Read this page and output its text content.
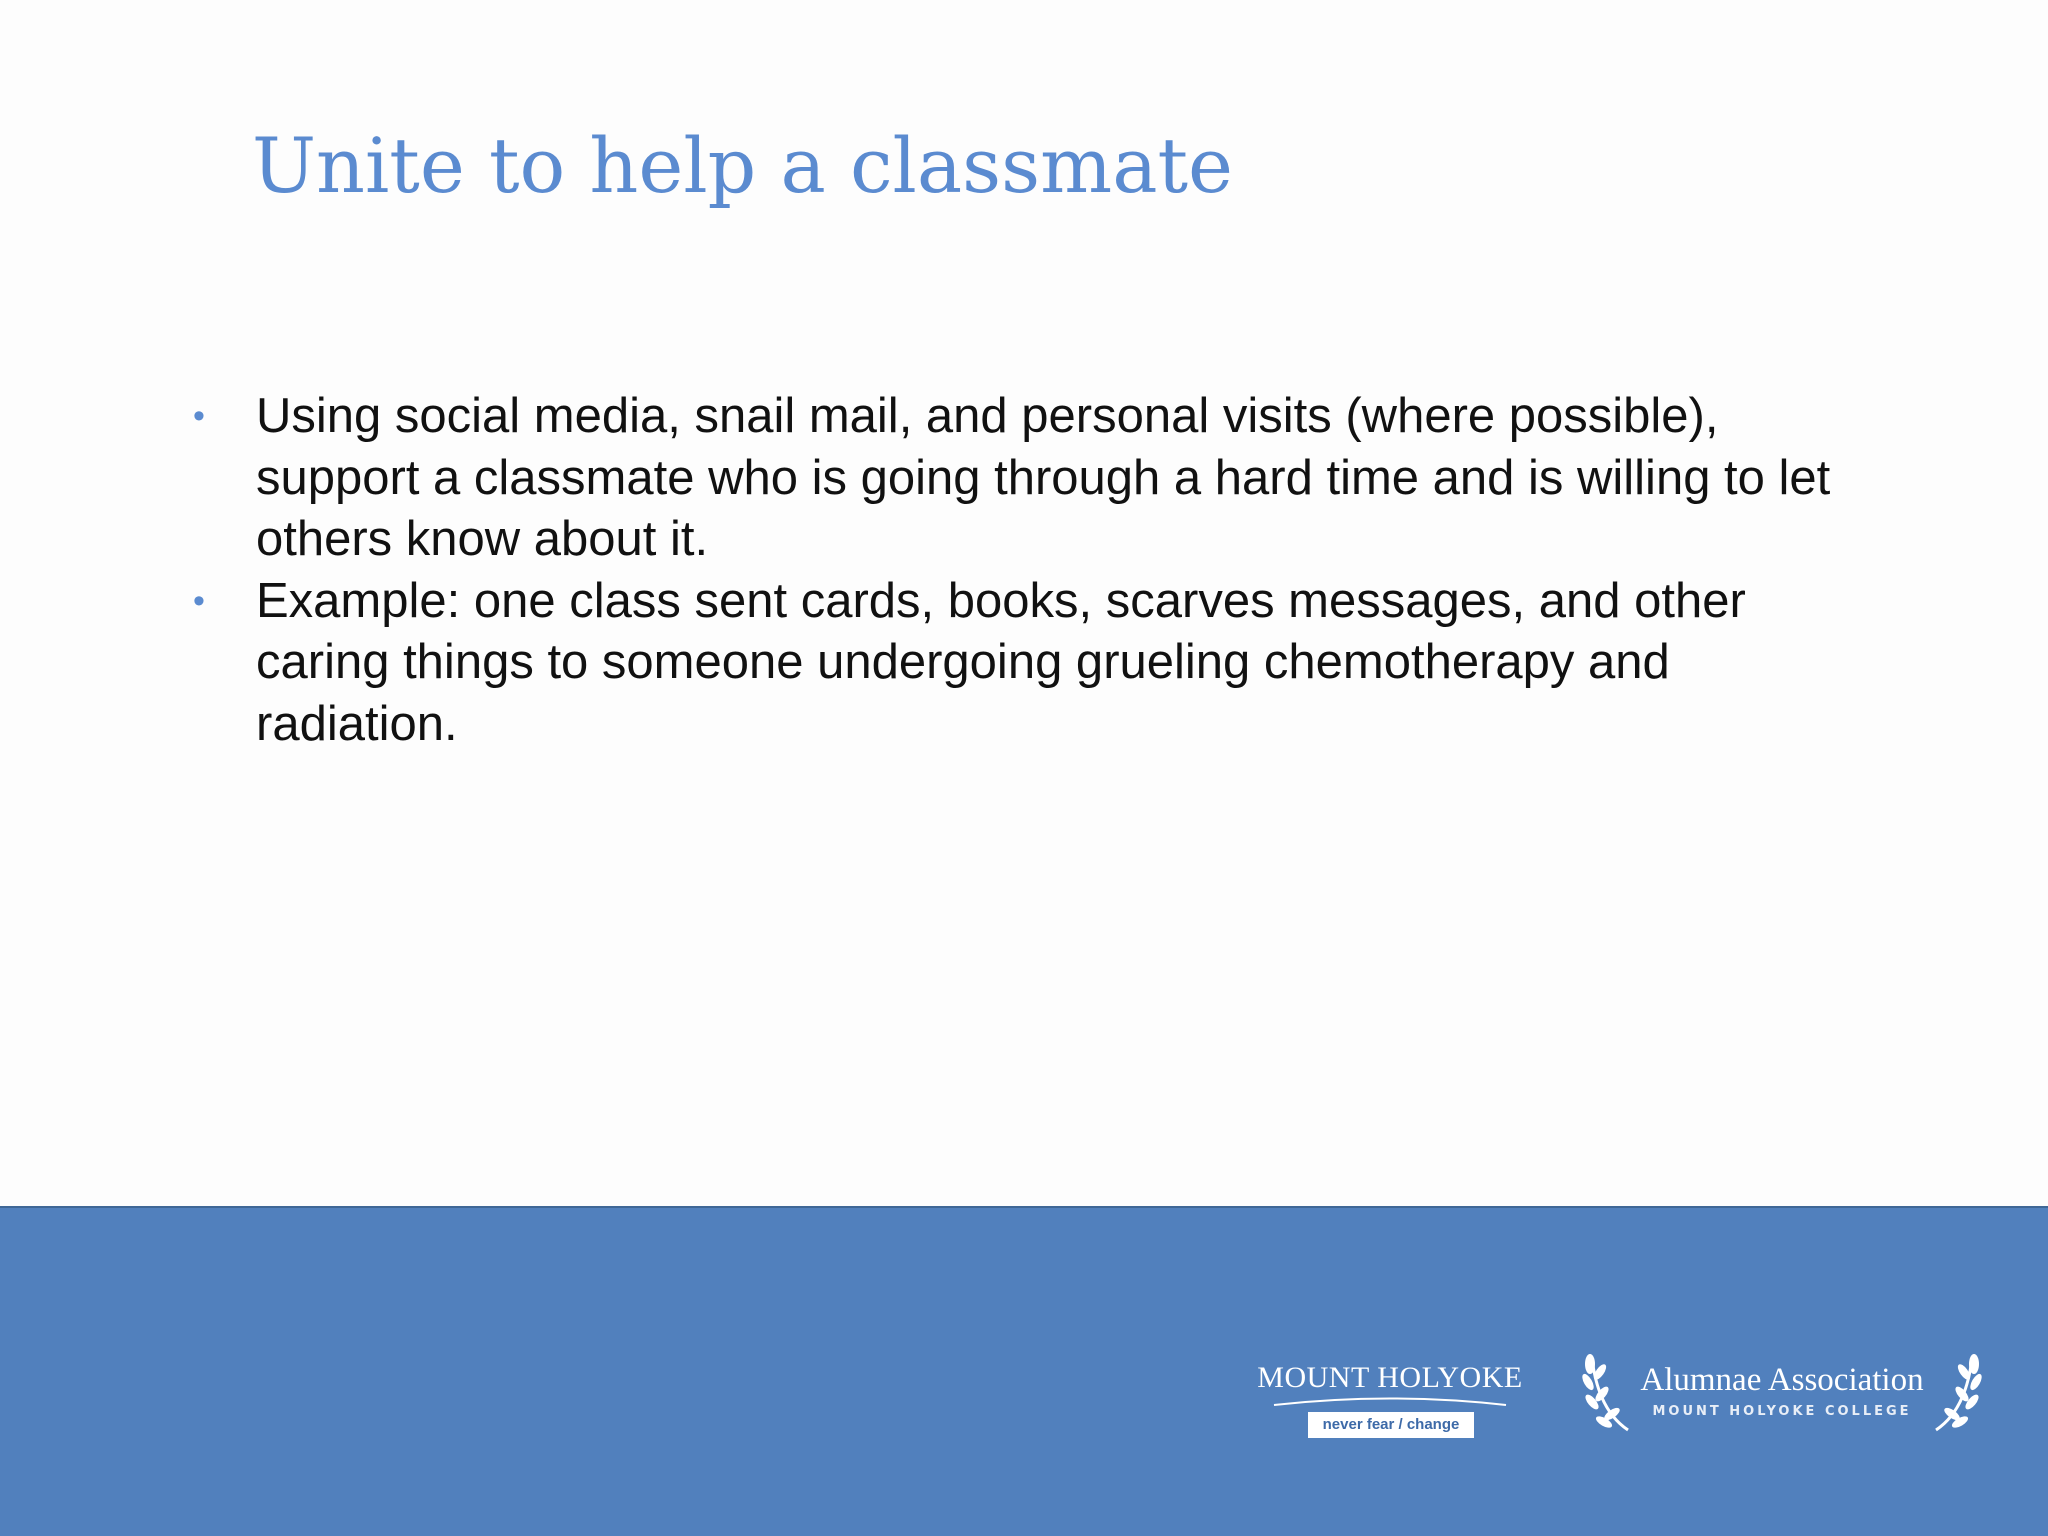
Unite to help a classmate
• Using social media, snail mail, and personal visits (where possible), support a classmate who is going through a hard time and is willing to let others know about it.
• Example: one class sent cards, books, scarves messages, and other caring things to someone undergoing grueling chemotherapy and radiation.
MOUNT HOLYOKE
never fear / change
Alumnae Association
MOUNT HOLYOKE COLLEGE
